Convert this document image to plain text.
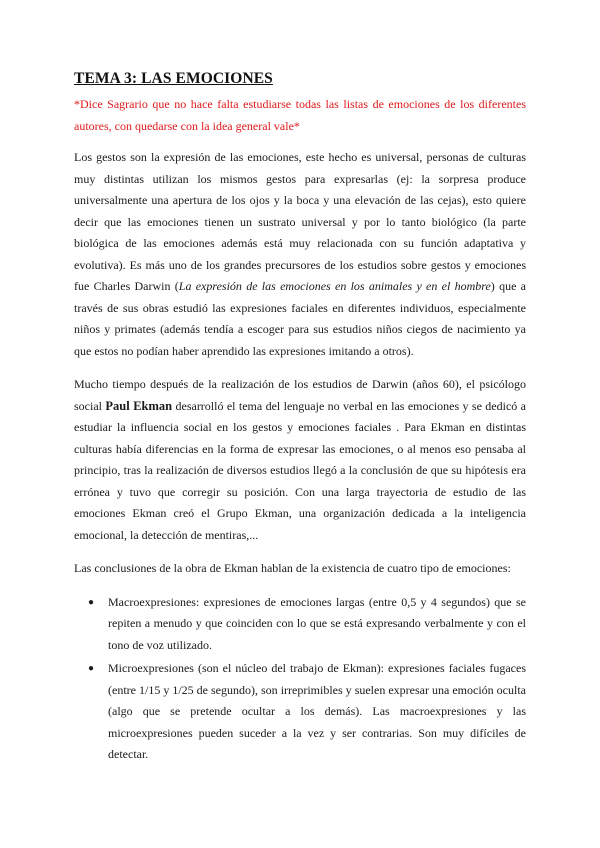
TEMA 3: LAS EMOCIONES

*Dice Sagrario que no hace falta estudiarse todas las listas de emociones de los diferentes autores, con quedarse con la idea general vale*

Los gestos son la expresión de las emociones, este hecho es universal, personas de culturas muy distintas utilizan los mismos gestos para expresarlas (ej: la sorpresa produce universalmente una apertura de los ojos y la boca y una elevación de las cejas), esto quiere decir que las emociones tienen un sustrato universal y por lo tanto biológico (la parte biológica de las emociones además está muy relacionada con su función adaptativa y evolutiva). Es más uno de los grandes precursores de los estudios sobre gestos y emociones fue Charles Darwin (La expresión de las emociones en los animales y en el hombre) que a través de sus obras estudió las expresiones faciales en diferentes individuos, especialmente niños y primates (además tendía a escoger para sus estudios niños ciegos de nacimiento ya que estos no podían haber aprendido las expresiones imitando a otros).

Mucho tiempo después de la realización de los estudios de Darwin (años 60), el psicólogo social Paul Ekman desarrolló el tema del lenguaje no verbal en las emociones y se dedicó a estudiar la influencia social en los gestos y emociones faciales . Para Ekman en distintas culturas había diferencias en la forma de expresar las emociones, o al menos eso pensaba al principio, tras la realización de diversos estudios llegó a la conclusión de que su hipótesis era errónea y tuvo que corregir su posición. Con una larga trayectoria de estudio de las emociones Ekman creó el Grupo Ekman, una organización dedicada a la inteligencia emocional, la detección de mentiras,...

Las conclusiones de la obra de Ekman hablan de la existencia de cuatro tipo de emociones:

● Macroexpresiones: expresiones de emociones largas (entre 0,5 y 4 segundos) que se repiten a menudo y que coinciden con lo que se está expresando verbalmente y con el tono de voz utilizado.
● Microexpresiones (son el núcleo del trabajo de Ekman): expresiones faciales fugaces (entre 1/15 y 1/25 de segundo), son irreprimibles y suelen expresar una emoción oculta (algo que se pretende ocultar a los demás). Las macroexpresiones y las microexpresiones pueden suceder a la vez y ser contrarias. Son muy difíciles de detectar.
